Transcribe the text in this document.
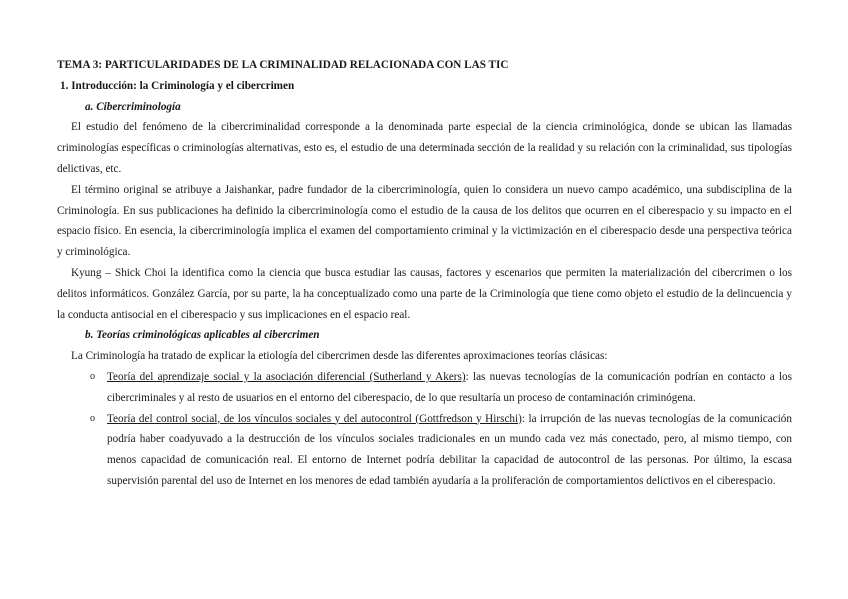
TEMA 3: PARTICULARIDADES DE LA CRIMINALIDAD RELACIONADA CON LAS TIC

1. Introducción: la Criminología y el cibercrimen

a. Cibercriminología

El estudio del fenómeno de la cibercriminalidad corresponde a la denominada parte especial de la ciencia criminológica, donde se ubican las llamadas criminologías específicas o criminologías alternativas, esto es, el estudio de una determinada sección de la realidad y su relación con la criminalidad, sus tipologías delictivas, etc.

El término original se atribuye a Jaishankar, padre fundador de la cibercriminología, quien lo considera un nuevo campo académico, una subdisciplina de la Criminología. En sus publicaciones ha definido la cibercriminología como el estudio de la causa de los delitos que ocurren en el ciberespacio y su impacto en el espacio físico. En esencia, la cibercriminología implica el examen del comportamiento criminal y la victimización en el ciberespacio desde una perspectiva teórica y criminológica.

Kyung – Shick Choi la identifica como la ciencia que busca estudiar las causas, factores y escenarios que permiten la materialización del cibercrimen o los delitos informáticos. González García, por su parte, la ha conceptualizado como una parte de la Criminología que tiene como objeto el estudio de la delincuencia y la conducta antisocial en el ciberespacio y sus implicaciones en el espacio real.

b. Teorías criminológicas aplicables al cibercrimen

La Criminología ha tratado de explicar la etiología del cibercrimen desde las diferentes aproximaciones teorías clásicas:

o Teoría del aprendizaje social y la asociación diferencial (Sutherland y Akers): las nuevas tecnologías de la comunicación podrían en contacto a los cibercriminales y al resto de usuarios en el entorno del ciberespacio, de lo que resultaría un proceso de contaminación criminógena.
o Teoría del control social, de los vínculos sociales y del autocontrol (Gottfredson y Hirschi): la irrupción de las nuevas tecnologías de la comunicación podría haber coadyuvado a la destrucción de los vínculos sociales tradicionales en un mundo cada vez más conectado, pero, al mismo tiempo, con menos capacidad de comunicación real. El entorno de Internet podría debilitar la capacidad de autocontrol de las personas. Por último, la escasa supervisión parental del uso de Internet en los menores de edad también ayudaría a la proliferación de comportamientos delictivos en el ciberespacio.
